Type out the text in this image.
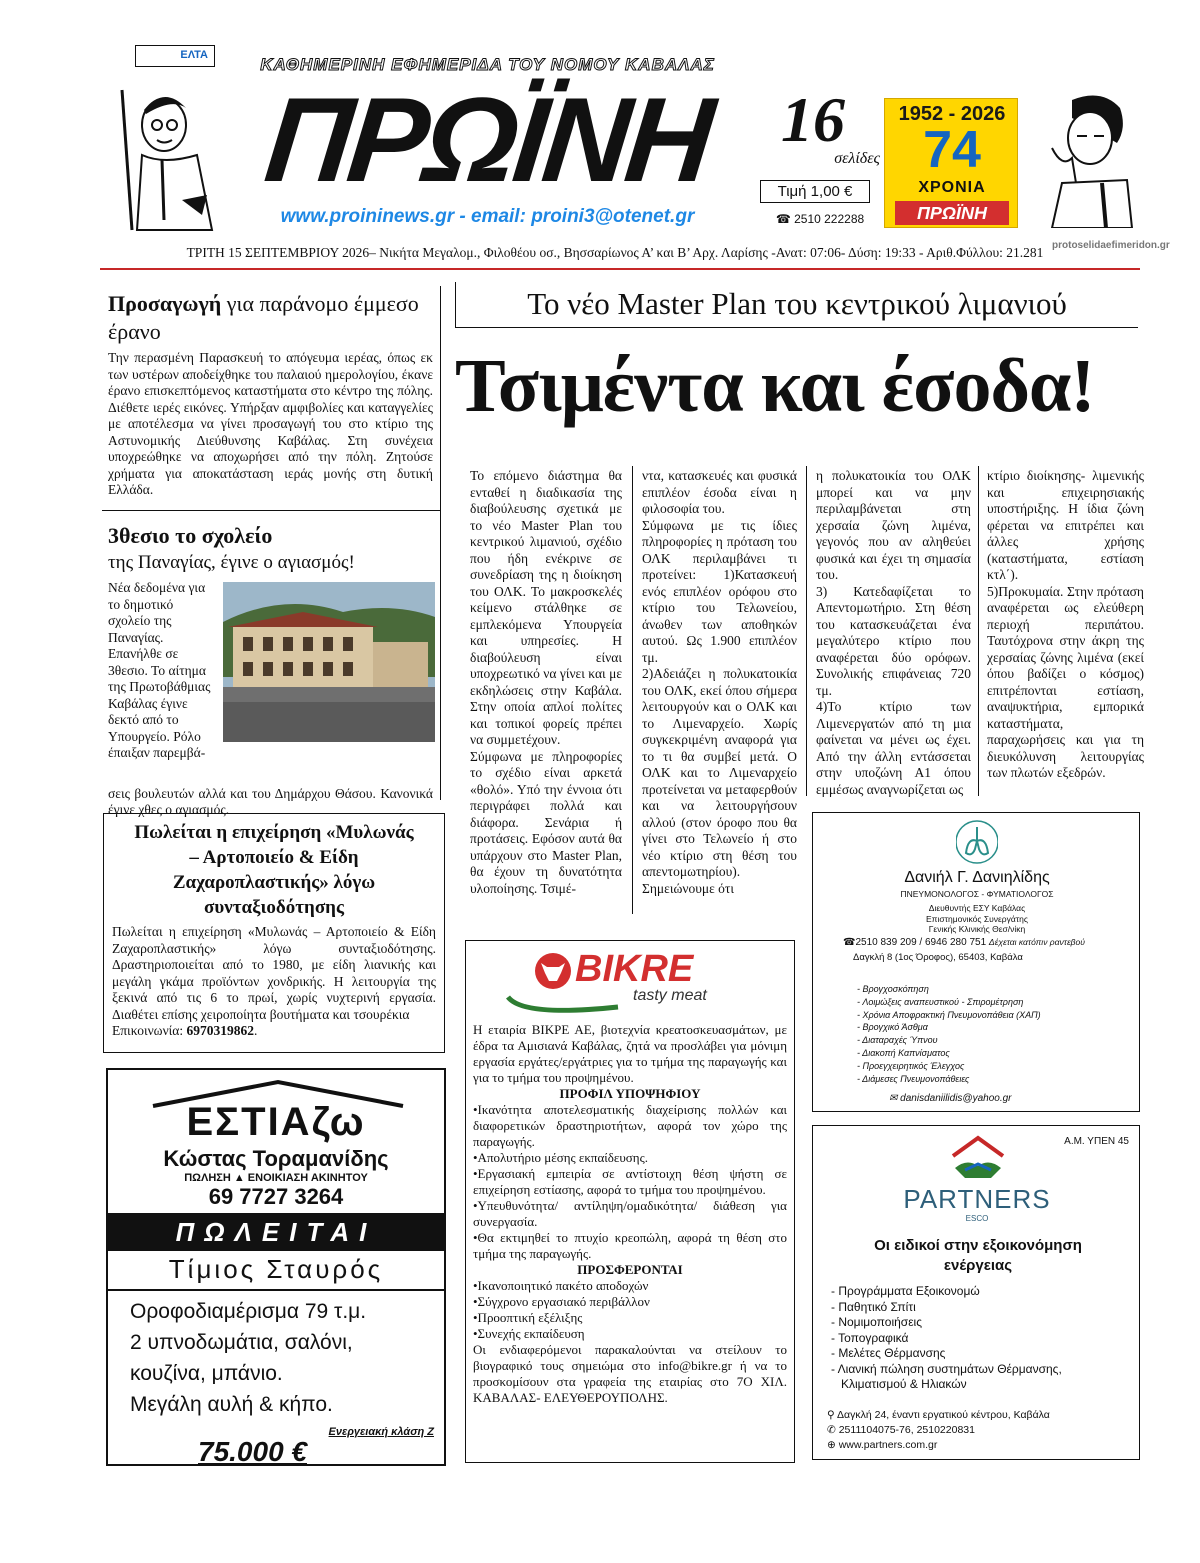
ΕΛΤΑ	ΚΑΘΗΜΕΡΙΝΗ ΕΦΗΜΕΡΙΔΑ ΤΟΥ ΝΟΜΟΥ ΚΑΒΑΛΑΣ
ΠΡΩΪΝΗ
www.proininews.gr - email: proini3@otenet.gr
16
σελίδες
Τιμή 1,00 €
☎ 2510 222288
1952 - 2026
74
ΧΡΟΝΙΑ
ΠΡΩΪΝΗ
ΤΡΙΤΗ 15 ΣΕΠΤΕΜΒΡΙΟΥ 2026– Νικήτα Μεγαλομ., Φιλοθέου οσ., Βησσαρίωνος Α’ και Β’ Αρχ. Λαρίσης -Ανατ: 07:06- Δύση: 19:33 - Αριθ.Φύλλου: 21.281 protoselidaefimeridon.gr
Προσαγωγή για παράνομο έμμεσο έρανο

Την περασμένη Παρασκευή το απόγευμα ιερέας, όπως εκ των υστέρων αποδείχθηκε του παλαιού ημερολογίου, έκανε έρανο επισκεπτόμενος καταστήματα στο κέντρο της πόλης. Διέθετε ιερές εικόνες. Υπήρξαν αμφιβολίες και καταγγελίες με αποτέλεσμα να γίνει προσαγωγή του στο κτίριο της Αστυνομικής Διεύθυνσης Καβάλας. Στη συνέχεια υποχρεώθηκε να αποχωρήσει από την πόλη. Ζητούσε χρήματα για αποκατάσταση ιεράς μονής στη δυτική Ελλάδα.

3θεσιο το σχολείο
της Παναγίας, έγινε ο αγιασμός!

Νέα δεδομένα για το δημοτικό σχολείο της Παναγίας. Επανήλθε σε 3θεσιο. Το αίτημα της Πρωτοβάθμιας Καβάλας έγινε δεκτό από το Υπουργείο. Ρόλο έπαιξαν παρεμβά-

σεις βουλευτών αλλά και του Δημάρχου Θάσου. Κανονικά έγινε χθες ο αγιασμός.

Πωλείται η επιχείρηση «Μυλωνάς – Αρτοποιείο & Είδη Ζαχαροπλαστικής» λόγω συνταξιοδότησης

Πωλείται η επιχείρηση «Μυλωνάς – Αρτοποιείο & Είδη Ζαχαροπλαστικής» λόγω συνταξιοδότησης. Δραστηριοποιείται από το 1980, με είδη λιανικής και μεγάλη γκάμα προϊόντων χονδρικής. Η λειτουργία της ξεκινά από τις 6 το πρωί, χωρίς νυχτερινή εργασία. Διαθέτει επίσης χειροποίητα βουτήματα και τσουρέκια

Επικοινωνία: 6970319862.

ΕΣΤΙΑζω
Κώστας Τοραμανίδης
ΠΩΛΗΣΗ ▲ ΕΝΟΙΚΙΑΣΗ ΑΚΙΝΗΤΟΥ
69 7727 3264
ΠΩΛΕΙΤΑΙ
Τίμιος Σταυρός
Οροφοδιαμέρισμα 79 τ.μ.
2 υπνοδωμάτια, σαλόνι,
κουζίνα, μπάνιο.
Μεγάλη αυλή & κήπο.
Ενεργειακή κλάση Ζ
75.000 €
Το νέο Master Plan του κεντρικού λιμανιού
Τσιμέντα και έσοδα!

Το επόμενο διάστημα θα ενταθεί η διαδικασία της διαβούλευσης σχετικά με το νέο Master Plan του κεντρικού λιμανιού, σχέδιο που ήδη ενέκρινε σε συνεδρίαση της η διοίκηση του ΟΛΚ. Το μακροσκελές κείμενο στάλθηκε σε εμπλεκόμενα Υπουργεία και υπηρεσίες. Η διαβούλευση είναι υποχρεωτικό να γίνει και με εκδηλώσεις στην Καβάλα. Στην οποία απλοί πολίτες και τοπικοί φορείς πρέπει να συμμετέχουν.

Σύμφωνα με πληροφορίες το σχέδιο είναι αρκετά «θολό». Υπό την έννοια ότι περιγράφει πολλά και διάφορα. Σενάρια ή προτάσεις. Εφόσον αυτά θα υπάρχουν στο Master Plan, θα έχουν τη δυνατότητα υλοποίησης. Τσιμέ-

ντα, κατασκευές και φυσικά επιπλέον έσοδα είναι η φιλοσοφία του.

Σύμφωνα με τις ίδιες πληροφορίες η πρόταση του ΟΛΚ περιλαμβάνει τι προτείνει: 1)Κατασκευή ενός επιπλέον ορόφου στο κτίριο του Τελωνείου, άνωθεν των αποθηκών αυτού. Ως 1.900 επιπλέον τμ.

2)Αδειάζει η πολυκατοικία του ΟΛΚ, εκεί όπου σήμερα λειτουργούν και ο ΟΛΚ και το Λιμεναρχείο. Χωρίς συγκεκριμένη αναφορά για το τι θα συμβεί μετά. Ο ΟΛΚ και το Λιμεναρχείο προτείνεται να μεταφερθούν και να λειτουργήσουν αλλού (στον όροφο που θα γίνει στο Τελωνείο ή στο νέο κτίριο στη θέση του απεντομωτηρίου). Σημειώνουμε ότι

η πολυκατοικία του ΟΛΚ μπορεί και να μην περιλαμβάνεται στη χερσαία ζώνη λιμένα, γεγονός που αν αληθεύει φυσικά και έχει τη σημασία του.

3) Κατεδαφίζεται το Απεντομωτήριο. Στη θέση του κατασκευάζεται ένα μεγαλύτερο κτίριο που αναφέρεται δύο ορόφων. Συνολικής επιφάνειας 720 τμ.

4)Το κτίριο των Λιμενεργατών από τη μια φαίνεται να μένει ως έχει. Από την άλλη εντάσσεται στην υποζώνη Α1 όπου εμμέσως αναγνωρίζεται ως

κτίριο διοίκησης- λιμενικής και επιχειρησιακής υποστήριξης. Η ίδια ζώνη φέρεται να επιτρέπει και άλλες χρήσης (καταστήματα, εστίαση κτλ΄).

5)Προκυμαία. Στην πρόταση αναφέρεται ως ελεύθερη περιοχή περιπάτου. Ταυτόχρονα στην άκρη της χερσαίας ζώνης λιμένα (εκεί όπου βαδίζει ο κόσμος) επιτρέπονται εστίαση, αναψυκτήρια, εμπορικά καταστήματα, παραχωρήσεις και για τη διευκόλυνση λειτουργίας των πλωτών εξεδρών.

BIKRE
tasty meat

Η εταιρία ΒΙΚΡΕ ΑΕ, βιοτεχνία κρεατοσκευασμάτων, με έδρα τα Αμισιανά Καβάλας, ζητά να προσλάβει για μόνιμη εργασία εργάτες/εργάτριες για το τμήμα της παραγωγής και για το τμήμα του προψημένου.

ΠΡΟΦΙΛ ΥΠΟΨΗΦΙΟΥ

•Ικανότητα αποτελεσματικής διαχείρισης πολλών και διαφορετικών δραστηριοτήτων, αφορά τον χώρο της παραγωγής.

•Απολυτήριο μέσης εκπαίδευσης.

•Εργασιακή εμπειρία σε αντίστοιχη θέση ψήστη σε επιχείρηση εστίασης, αφορά το τμήμα του προψημένου.

•Υπευθυνότητα/ αντίληψη/ομαδικότητα/ διάθεση για συνεργασία.

•Θα εκτιμηθεί το πτυχίο κρεοπώλη, αφορά τη θέση στο τμήμα της παραγωγής.

ΠΡΟΣΦΕΡΟΝΤΑΙ

•Ικανοποιητικό πακέτο αποδοχών

•Σύγχρονο εργασιακό περιβάλλον

•Προοπτική εξέλιξης

•Συνεχής εκπαίδευση

Οι ενδιαφερόμενοι παρακαλούνται να στείλουν το βιογραφικό τους σημειώμα στο info@bikre.gr ή να το προσκομίσουν στα γραφεία της εταιρίας στο 7Ο ΧΙΛ. ΚΑΒΑΛΑΣ- ΕΛΕΥΘΕΡΟΥΠΟΛΗΣ.

Δανιήλ Γ. Δανιηλίδης
ΠΝΕΥΜΟΝΟΛΟΓΟΣ - ΦΥΜΑΤΙΟΛΟΓΟΣ
Διευθυντής ΕΣΥ Καβάλας
Επιστημονικός Συνεργάτης
Γενικής Κλινικής Θεσ/νίκη
☎2510 839 209 / 6946 280 751 Δέχεται κατόπιν ραντεβού
Δαγκλή 8 (1ος Όροφος), 65403, Καβάλα
- Βρογχοσκόπηση
- Λοιμώξεις αναπευστικού - Σπιρομέτρηση
- Χρόνια Αποφρακτική Πνευμονοπάθεια (ΧΑΠ)
- Βρογχικό Άσθμα
- Διαταραχές Ύπνου
- Διακοπή Καπνίσματος
- Προεγχειρητικός Έλεγχος
- Διάμεσες Πνευμονοπάθειες
✉ danisdaniilidis@yahoo.gr
Α.Μ. ΥΠΕΝ 45
PARTNERS
ESCO
Οι ειδικοί στην εξοικονόμηση ενέργειας
- Προγράμματα Εξοικονομώ
- Παθητικό Σπίτι
- Νομιμοποιήσεις
- Τοπογραφικά
- Μελέτες Θέρμανσης
- Λιανική πώληση συστημάτων Θέρμανσης,
Κλιματισμού & Ηλιακών
⚲ Δαγκλή 24, έναντι εργατικού κέντρου, Καβάλα
✆ 2511104075-76, 2510220831
⊕ www.partners.com.gr
